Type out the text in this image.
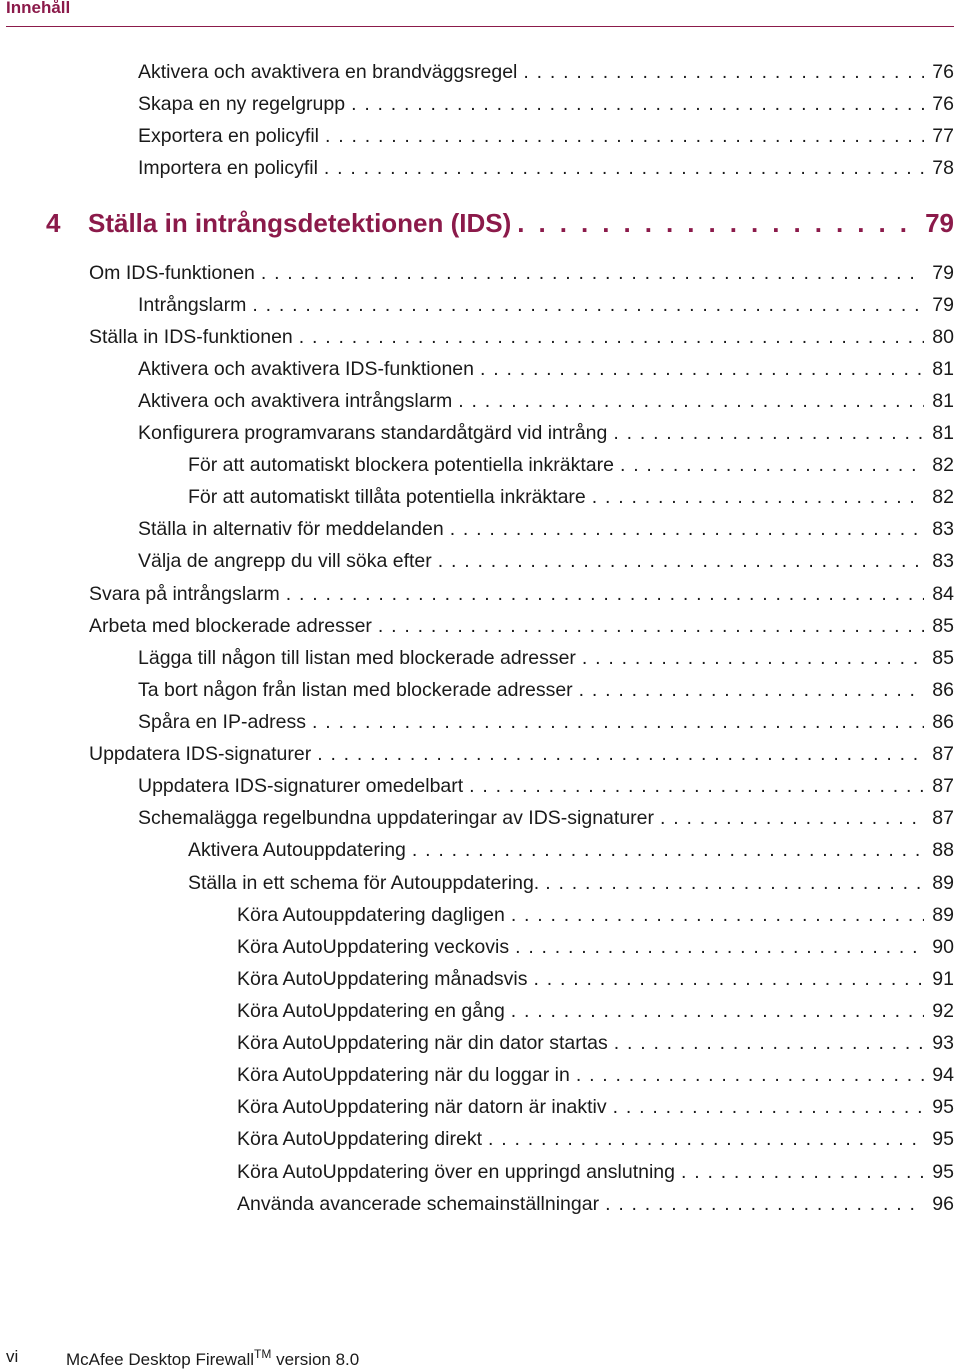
Innehåll
Aktivera och avaktivera en brandväggsregel . . .	76
Skapa en ny regelgrupp . . .	76
Exportera en policyfil . . .	77
Importera en policyfil . . .	78
4	Ställa in intrångsdetektionen (IDS) . . .	79
Om IDS-funktionen . . .	79
Intrångslarm . . .	79
Ställa in IDS-funktionen . . .	80
Aktivera och avaktivera IDS-funktionen . . .	81
Aktivera och avaktivera intrångslarm . . .	81
Konfigurera programvarans standardåtgärd vid intrång . . .	81
För att automatiskt blockera potentiella inkräktare . . .	82
För att automatiskt tillåta potentiella inkräktare . . .	82
Ställa in alternativ för meddelanden . . .	83
Välja de angrepp du vill söka efter . . .	83
Svara på intrångslarm . . .	84
Arbeta med blockerade adresser . . .	85
Lägga till någon till listan med blockerade adresser . . .	85
Ta bort någon från listan med blockerade adresser . . .	86
Spåra en IP-adress . . .	86
Uppdatera IDS-signaturer . . .	87
Uppdatera IDS-signaturer omedelbart . . .	87
Schemalägga regelbundna uppdateringar av IDS-signaturer . . .	87
Aktivera Autouppdatering . . .	88
Ställa in ett schema för Autouppdatering. . . .	89
Köra Autouppdatering dagligen . . .	89
Köra AutoUppdatering veckovis . . .	90
Köra AutoUppdatering månadsvis . . .	91
Köra AutoUppdatering en gång . . .	92
Köra AutoUppdatering när din dator startas . . .	93
Köra AutoUppdatering när du loggar in . . .	94
Köra AutoUppdatering när datorn är inaktiv . . .	95
Köra AutoUppdatering direkt . . .	95
Köra AutoUppdatering över en uppringd anslutning . . .	95
Använda avancerade schemainställningar . . .	96
vi	McAfee Desktop Firewall™ version 8.0
